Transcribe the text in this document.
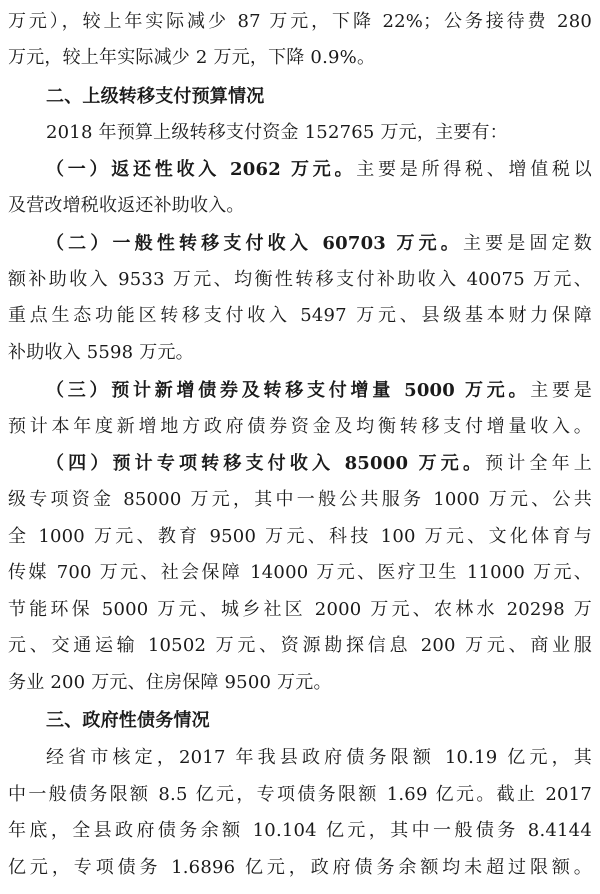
万元），较上年实际减少 87 万元，下降 22%；公务接待费 280
万元，较上年实际减少 2 万元，下降 0.9%。
二、上级转移支付预算情况
2018 年预算上级转移支付资金 152765 万元，主要有：
（一）返还性收入 2062 万元。主要是所得税、增值税以
及营改增税收返还补助收入。
（二）一般性转移支付收入 60703 万元。主要是固定数
额补助收入 9533 万元、均衡性转移支付补助收入 40075 万元、
重点生态功能区转移支付收入 5497 万元、县级基本财力保障
补助收入 5598 万元。
（三）预计新增债券及转移支付增量 5000 万元。主要是
预计本年度新增地方政府债券资金及均衡转移支付增量收入。
（四）预计专项转移支付收入 85000 万元。预计全年上
级专项资金 85000 万元，其中一般公共服务 1000 万元、公共
全 1000 万元、教育 9500 万元、科技 100 万元、文化体育与
传媒 700 万元、社会保障 14000 万元、医疗卫生 11000 万元、
节能环保 5000 万元、城乡社区 2000 万元、农林水 20298 万
元、交通运输 10502 万元、资源勘探信息 200 万元、商业服
务业 200 万元、住房保障 9500 万元。
三、政府性债务情况
经省市核定，2017 年我县政府债务限额 10.19 亿元，其
中一般债务限额 8.5 亿元，专项债务限额 1.69 亿元。截止 2017
年底，全县政府债务余额 10.104 亿元，其中一般债务 8.4144
亿元，专项债务 1.6896 亿元，政府债务余额均未超过限额。
